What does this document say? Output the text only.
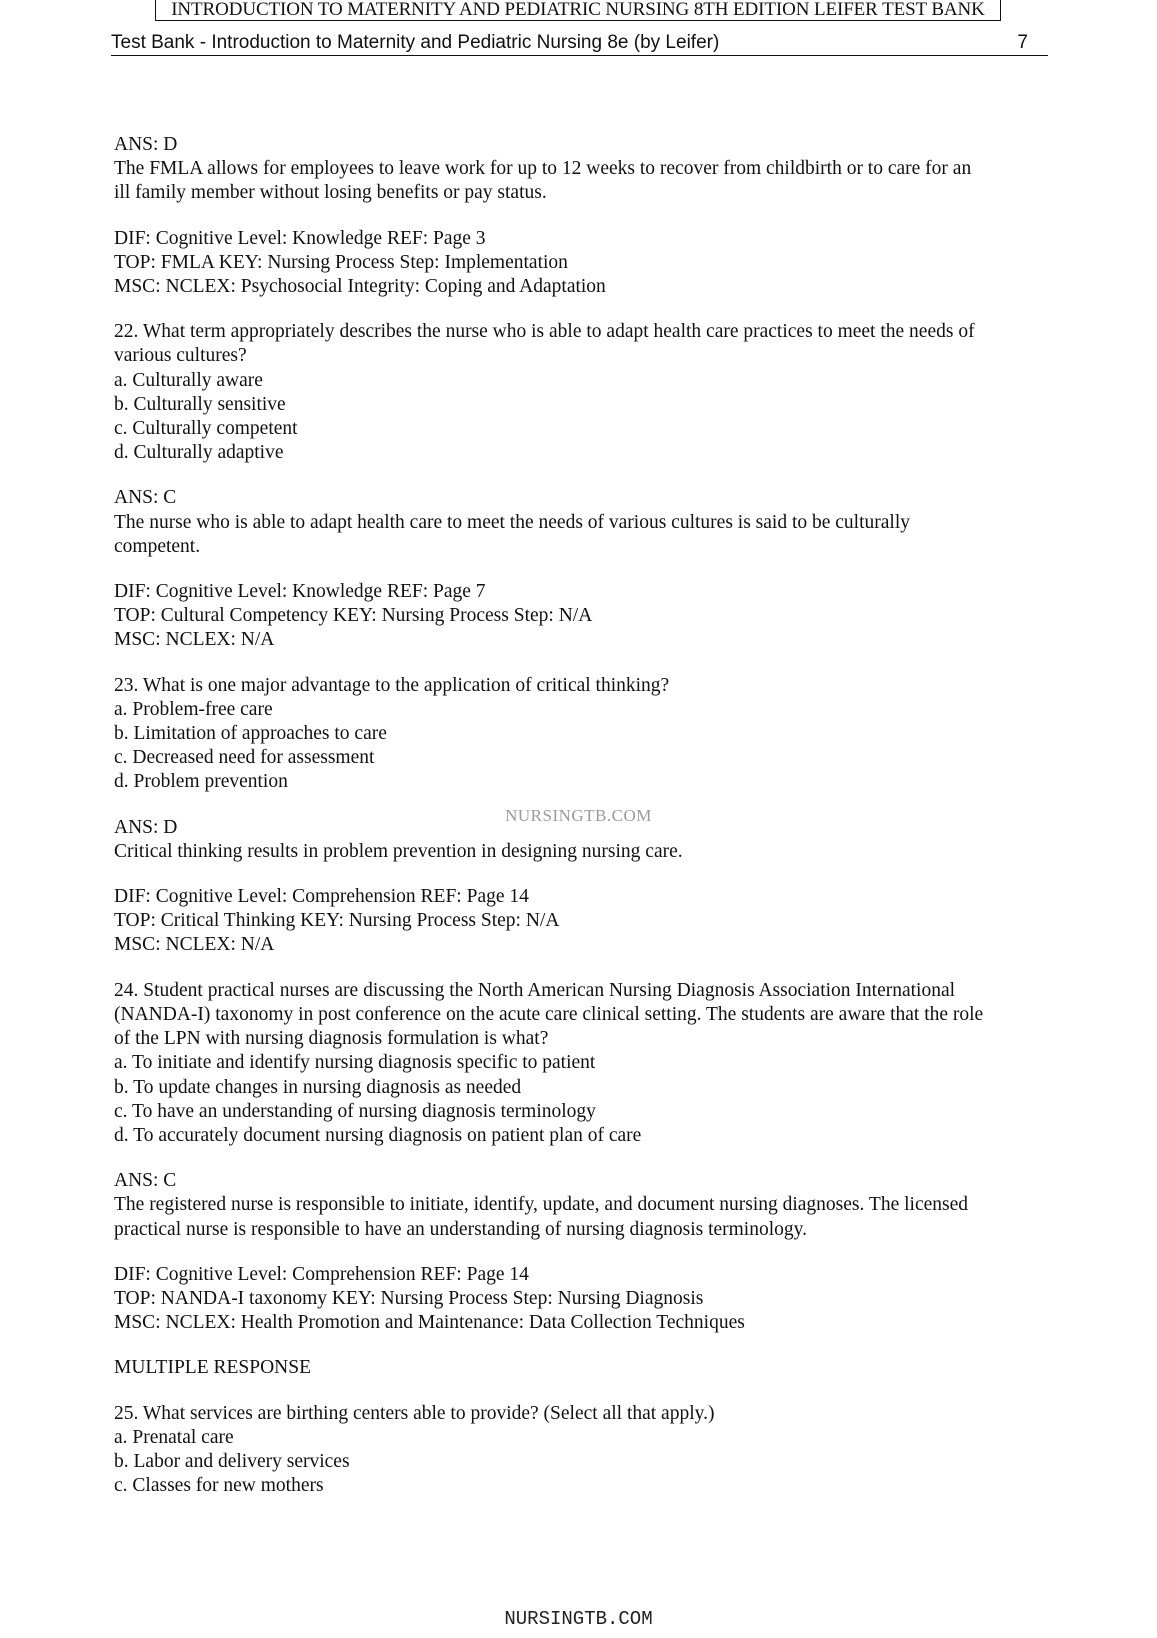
INTRODUCTION TO MATERNITY AND PEDIATRIC NURSING 8TH EDITION LEIFER TEST BANK
Test Bank - Introduction to Maternity and Pediatric Nursing 8e (by Leifer)	7

ANS: D

The FMLA allows for employees to leave work for up to 12 weeks to recover from childbirth or to care for an

ill family member without losing benefits or pay status.

DIF: Cognitive Level: Knowledge REF: Page 3

TOP: FMLA KEY: Nursing Process Step: Implementation

MSC: NCLEX: Psychosocial Integrity: Coping and Adaptation

22. What term appropriately describes the nurse who is able to adapt health care practices to meet the needs of

various cultures?

a. Culturally aware

b. Culturally sensitive

c. Culturally competent

d. Culturally adaptive

ANS: C

The nurse who is able to adapt health care to meet the needs of various cultures is said to be culturally

competent.

DIF: Cognitive Level: Knowledge REF: Page 7

TOP: Cultural Competency KEY: Nursing Process Step: N/A

MSC: NCLEX: N/A

23. What is one major advantage to the application of critical thinking?

a. Problem-free care

b. Limitation of approaches to care

c. Decreased need for assessment

d. Problem prevention

ANS: D

Critical thinking results in problem prevention in designing nursing care.

DIF: Cognitive Level: Comprehension REF: Page 14

TOP: Critical Thinking KEY: Nursing Process Step: N/A

MSC: NCLEX: N/A

24. Student practical nurses are discussing the North American Nursing Diagnosis Association International

(NANDA-I) taxonomy in post conference on the acute care clinical setting. The students are aware that the role

of the LPN with nursing diagnosis formulation is what?

a. To initiate and identify nursing diagnosis specific to patient

b. To update changes in nursing diagnosis as needed

c. To have an understanding of nursing diagnosis terminology

d. To accurately document nursing diagnosis on patient plan of care

ANS: C

The registered nurse is responsible to initiate, identify, update, and document nursing diagnoses. The licensed

practical nurse is responsible to have an understanding of nursing diagnosis terminology.

DIF: Cognitive Level: Comprehension REF: Page 14

TOP: NANDA-I taxonomy KEY: Nursing Process Step: Nursing Diagnosis

MSC: NCLEX: Health Promotion and Maintenance: Data Collection Techniques

MULTIPLE RESPONSE

25. What services are birthing centers able to provide? (Select all that apply.)

a. Prenatal care

b. Labor and delivery services

c. Classes for new mothers

NURSINGTB.COM
NURSINGTB.COM
